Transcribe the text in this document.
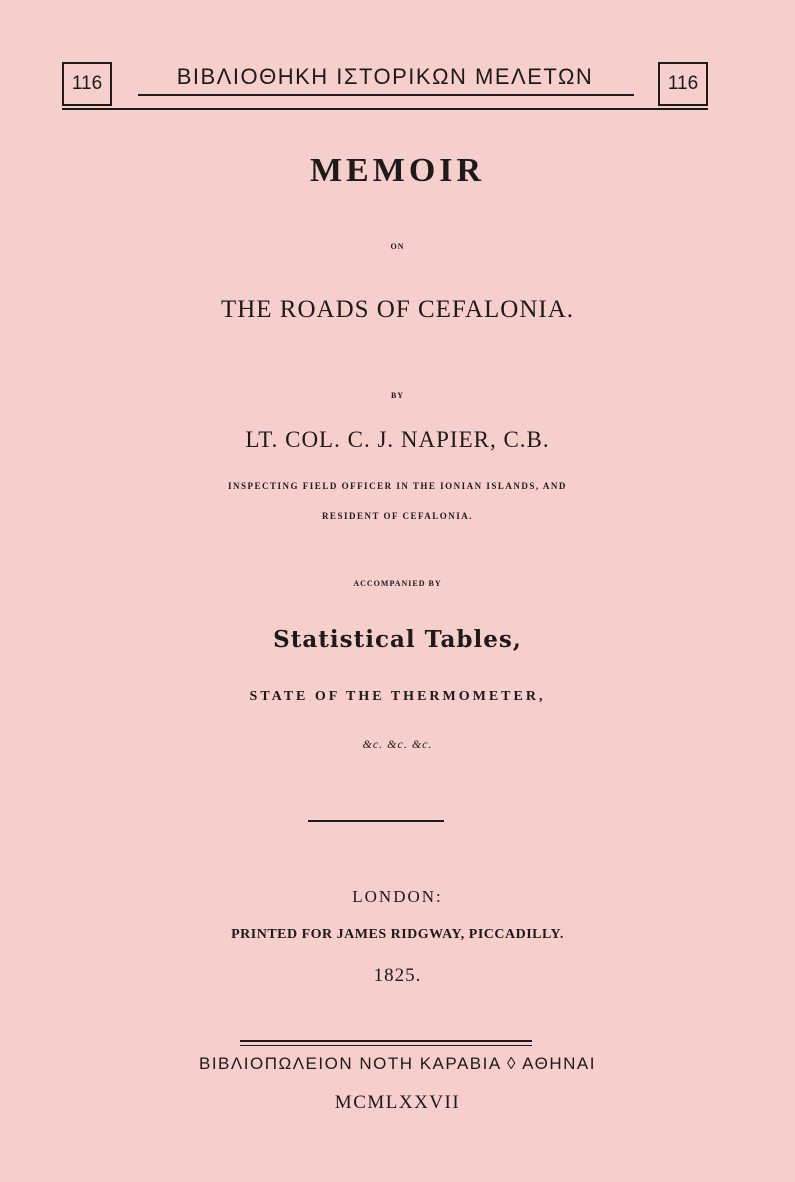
116	ΒΙΒΛΙΟΘΗΚΗ ΙΣΤΟΡΙΚΩΝ ΜΕΛΕΤΩΝ	116
MEMOIR
ON
THE ROADS OF CEFALONIA.
BY
LT. COL. C. J. NAPIER, C.B.
INSPECTING FIELD OFFICER IN THE IONIAN ISLANDS, AND
RESIDENT OF CEFALONIA.
ACCOMPANIED BY
Statistical Tables,
STATE OF THE THERMOMETER,
&c. &c. &c.
LONDON:
PRINTED FOR JAMES RIDGWAY, PICCADILLY.
1825.
ΒΙΒΛΙΟΠΩΛΕΙΟΝ ΝΟΤΗ ΚΑΡΑΒΙΑ ◊ ΑΘΗΝΑΙ
MCMLXXVII
